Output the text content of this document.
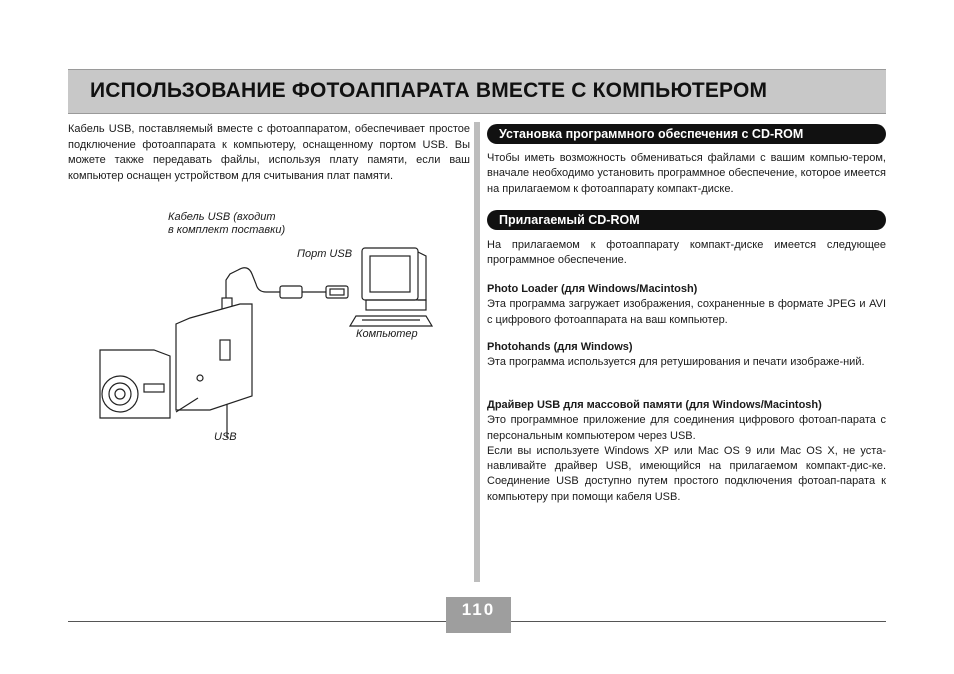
ИСПОЛЬЗОВАНИЕ ФОТОАППАРАТА ВМЕСТЕ С КОМПЬЮТЕРОМ
Кабель USB, поставляемый вместе с фотоаппаратом, обеспечивает простое подключение фотоаппарата к компьютеру, оснащенному портом USB. Вы можете также передавать файлы, используя плату памяти, если ваш компьютер оснащен устройством для считывания плат памяти.
Кабель USB (входит
в комплект поставки)
Порт USB
Компьютер
USB
Установка программного обеспечения с CD-ROM
Чтобы иметь возможность обмениваться файлами с вашим компью-тером, вначале необходимо установить программное обеспечение, которое имеется на прилагаемом к фотоаппарату компакт-диске.
Прилагаемый CD-ROM
На прилагаемом к фотоаппарату компакт-диске имеется следующее программное обеспечение.
Photo Loader (для Windows/Macintosh)
Эта программа загружает изображения, сохраненные в формате JPEG и AVI с цифрового фотоаппарата на ваш компьютер.
Photohands (для Windows)
Эта программа используется для ретуширования и печати изображе-ний.
Драйвер USB для массовой памяти (для Windows/Macintosh)
Это программное приложение для соединения цифрового фотоап-парата с персональным компьютером через USB.
Если вы используете Windows XP или Mac OS 9 или Mac OS X, не уста-навливайте драйвер USB, имеющийся на прилагаемом компакт-дис-ке. Соединение USB доступно путем простого подключения фотоап-парата к компьютеру при помощи кабеля USB.
110
